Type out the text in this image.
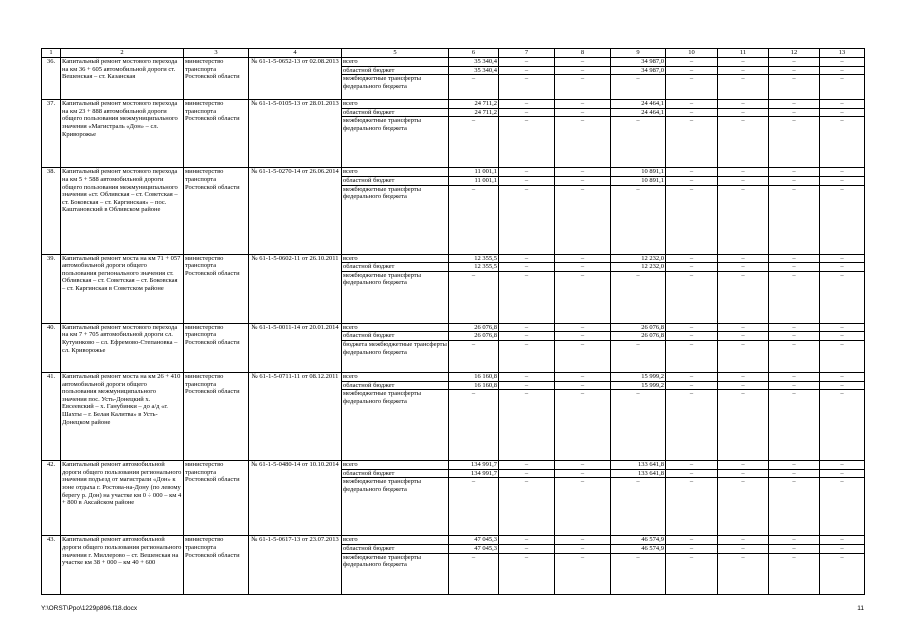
1	2	3	4	5	6	7	8	9	10	11	12	13
36.	Капитальный ремонт мостового перехода на км 36 + 605 автомобильной дороги ст. Вешенская – ст. Казанская	министерство транспорта Ростовской области	№ 61-1-5-0652-13 от 02.08.2013	всего	35 340,4	–	–	34 987,0	–	–	–	–
				областной бюджет	35 340,4	–	–	34 987,0	–	–	–	–
				межбюджетные трансферты федерального бюджета	–	–	–	–	–	–	–	–
37.	Капитальный ремонт мостового перехода на км 23 + 888 автомобильной дороги общего пользования межмуниципального значения «Магистраль «Дон» – сл. Криворожье	министерство транспорта Ростовской области	№ 61-1-5-0105-13 от 28.01.2013	всего	24 711,2	–	–	24 464,1	–	–	–	–
				областной бюджет	24 711,2	–	–	24 464,1	–	–	–	–
				межбюджетные трансферты федерального бюджета	–	–	–	–	–	–	–	–
38.	Капитальный ремонт мостового перехода на км 5 + 588 автомобильной дороги общего пользования межмуниципального значения «ст. Обливская – ст. Советская – ст. Боковская – ст. Каргинская» – пос. Каштановский в Обливском районе	министерство транспорта Ростовской области	№ 61-1-5-0270-14 от 26.06.2014	всего	11 001,1	–	–	10 891,1	–	–	–	–
				областной бюджет	11 001,1	–	–	10 891,1	–	–	–	–
				межбюджетные трансферты федерального бюджета	–	–	–	–	–	–	–	–
39.	Капитальный ремонт моста на км 71 + 057 автомобильной дороги общего пользования регионального значения ст. Обливская – ст. Советская – ст. Боковская – ст. Каргинская в Советском районе	министерство транспорта Ростовской области	№ 61-1-5-0602-11 от 26.10.2011	всего	12 355,5	–	–	12 232,0	–	–	–	–
				областной бюджет	12 355,5	–	–	12 232,0	–	–	–	–
				межбюджетные трансферты федерального бюджета	–	–	–	–	–	–	–	–
40.	Капитальный ремонт мостового перехода на км 7 + 705 автомобильной дороги сл. Кутуинково – сл. Ефремово-Степановка – сл. Криворожье	министерство транспорта Ростовской области	№ 61-1-5-0011-14 от 20.01.2014	всего	26 076,8	–	–	26 076,8	–	–	–	–
				областной бюджет	26 076,8	–	–	26 076,8	–	–	–	–
				бюджета межбюджетные трансферты федерального бюджета	–	–	–	–	–	–	–	–
41.	Капитальный ремонт моста на км 26 + 410 автомобильной дороги общего пользования межмуниципального значения пос. Усть-Донецкий х. Евсеевский – х. Ганубинки – до а/д «г. Шахты – г. Белая Калитва» в Усть-Донецком районе	министерство транспорта Ростовской области	№ 61-1-5-0711-11 от 08.12.2011	всего	16 160,8	–	–	15 999,2	–	–	–	–
				областной бюджет	16 160,8	–	–	15 999,2	–	–	–	–
				межбюджетные трансферты федерального бюджета	–	–	–	–	–	–	–	–
42.	Капитальный ремонт автомобильной дороги общего пользования регионального значения подъезд от магистрали «Дон» к зоне отдыха г. Ростова-на-Дону (по левому берегу р. Дон) на участке км 0 ÷ 000 – км 4 + 800 в Аксайском районе	министерство транспорта Ростовской области	№ 61-1-5-0480-14 от 10.10.2014	всего	134 991,7	–	–	133 641,8	–	–	–	–
				областной бюджет	134 991,7	–	–	133 641,8	–	–	–	–
				межбюджетные трансферты федерального бюджета	–	–	–	–	–	–	–	–
43.	Капитальный ремонт автомобильной дороги общего пользования регионального значения г. Миллерово – ст. Вешенская на участке км 38 + 000 – км 40 + 600	министерство транспорта Ростовской области	№ 61-1-5-0617-13 от 23.07.2013	всего	47 045,3	–	–	46 574,9	–	–	–	–
				областной бюджет	47 045,3	–	–	46 574,9	–	–	–	–
				межбюджетные трансферты федерального бюджета	–	–	–	–	–	–	–	–
Y:\ORST\Ppo\1229p896.f18.docx	11
